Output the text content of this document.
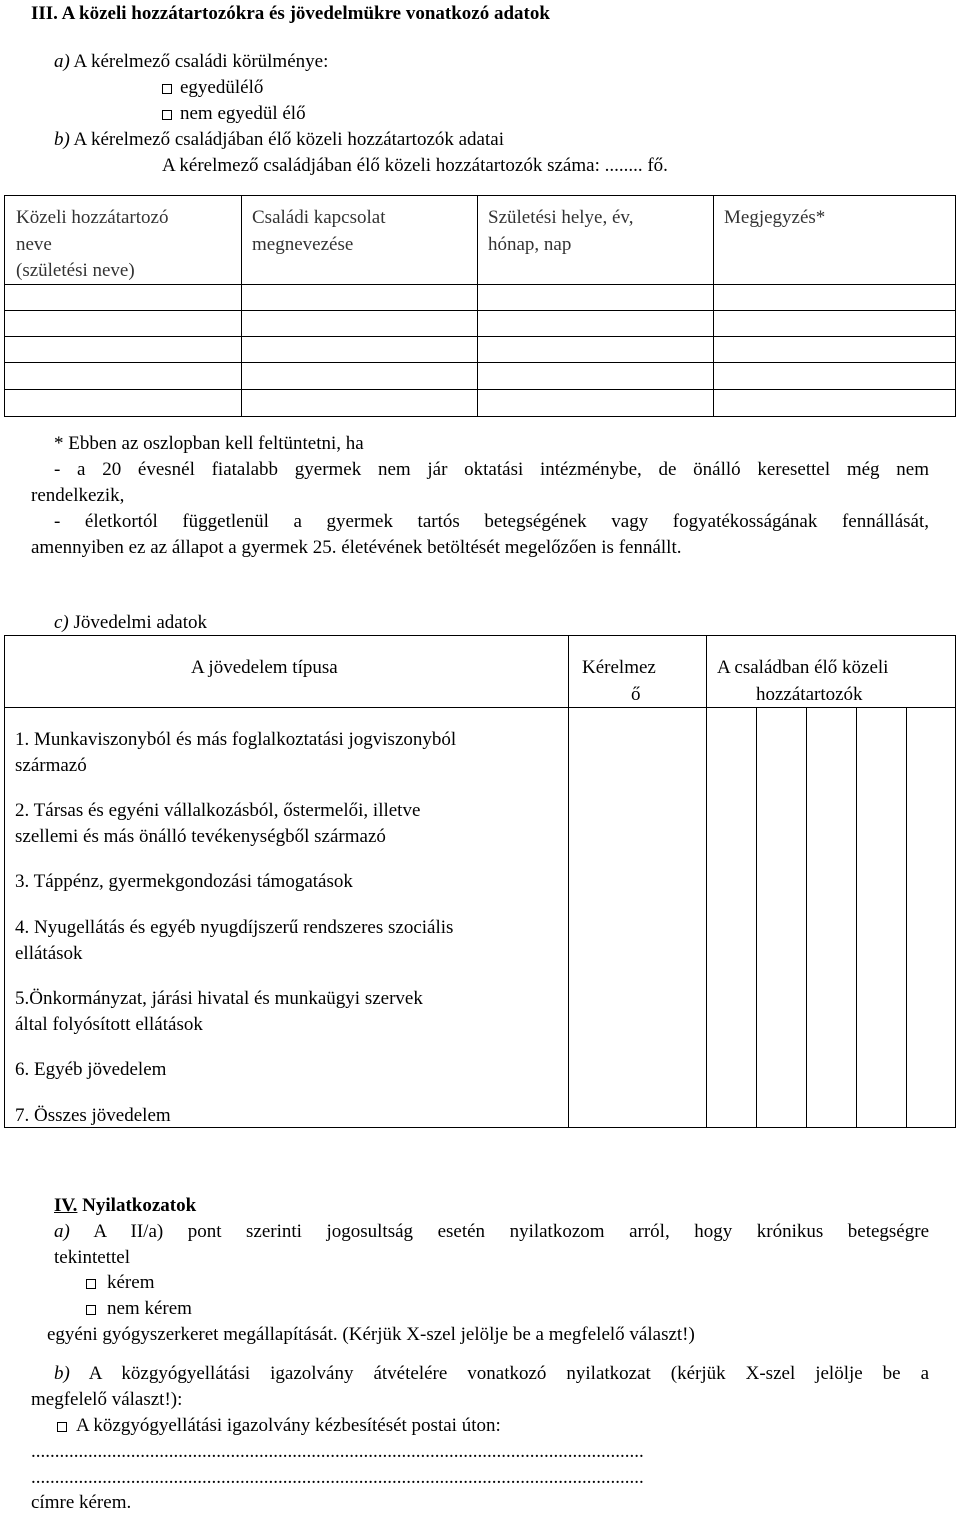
III. A közeli hozzátartozókra és jövedelmükre vonatkozó adatok
a) A kérelmező családi körülménye:
egyedülélő
nem egyedül élő
b) A kérelmező családjában élő közeli hozzátartozók adatai
A kérelmező családjában élő közeli hozzátartozók száma: ........ fő.
Közeli hozzátartozó
neve
(születési neve)
Családi kapcsolat
megnevezése
Születési helye, év,
hónap, nap
Megjegyzés*
* Ebben az oszlopban kell feltüntetni, ha
- a 20 évesnél fiatalabb gyermek nem jár oktatási intézménybe, de önálló keresettel még nem
rendelkezik,
- életkortól függetlenül a gyermek tartós betegségének vagy fogyatékosságának fennállását,
amennyiben ez az állapot a gyermek 25. életévének betöltését megelőzően is fennállt.
c) Jövedelmi adatok
A jövedelem típusa	Kérelmez
ő
A családban élő közeli
hozzátartozók
1. Munkaviszonyból és más foglalkoztatási jogviszonyból
származó
2. Társas és egyéni vállalkozásból, őstermelői, illetve
szellemi és más önálló tevékenységből származó
3. Táppénz, gyermekgondozási támogatások
4. Nyugellátás és egyéb nyugdíjszerű rendszeres szociális
ellátások
5.Önkormányzat, járási hivatal és munkaügyi szervek
által folyósított ellátások
6. Egyéb jövedelem
7. Összes jövedelem
IV. Nyilatkozatok
a) A II/a) pont szerinti jogosultság esetén nyilatkozom arról, hogy krónikus betegségre
tekintettel
kérem
nem kérem
egyéni gyógyszerkeret megállapítását. (Kérjük X-szel jelölje be a megfelelő választ!)
b) A közgyógyellátási igazolvány átvételére vonatkozó nyilatkozat (kérjük X-szel jelölje be a
megfelelő választ!):
A közgyógyellátási igazolvány kézbesítését postai úton:
.................................................................................................................................
.................................................................................................................................
címre kérem.
